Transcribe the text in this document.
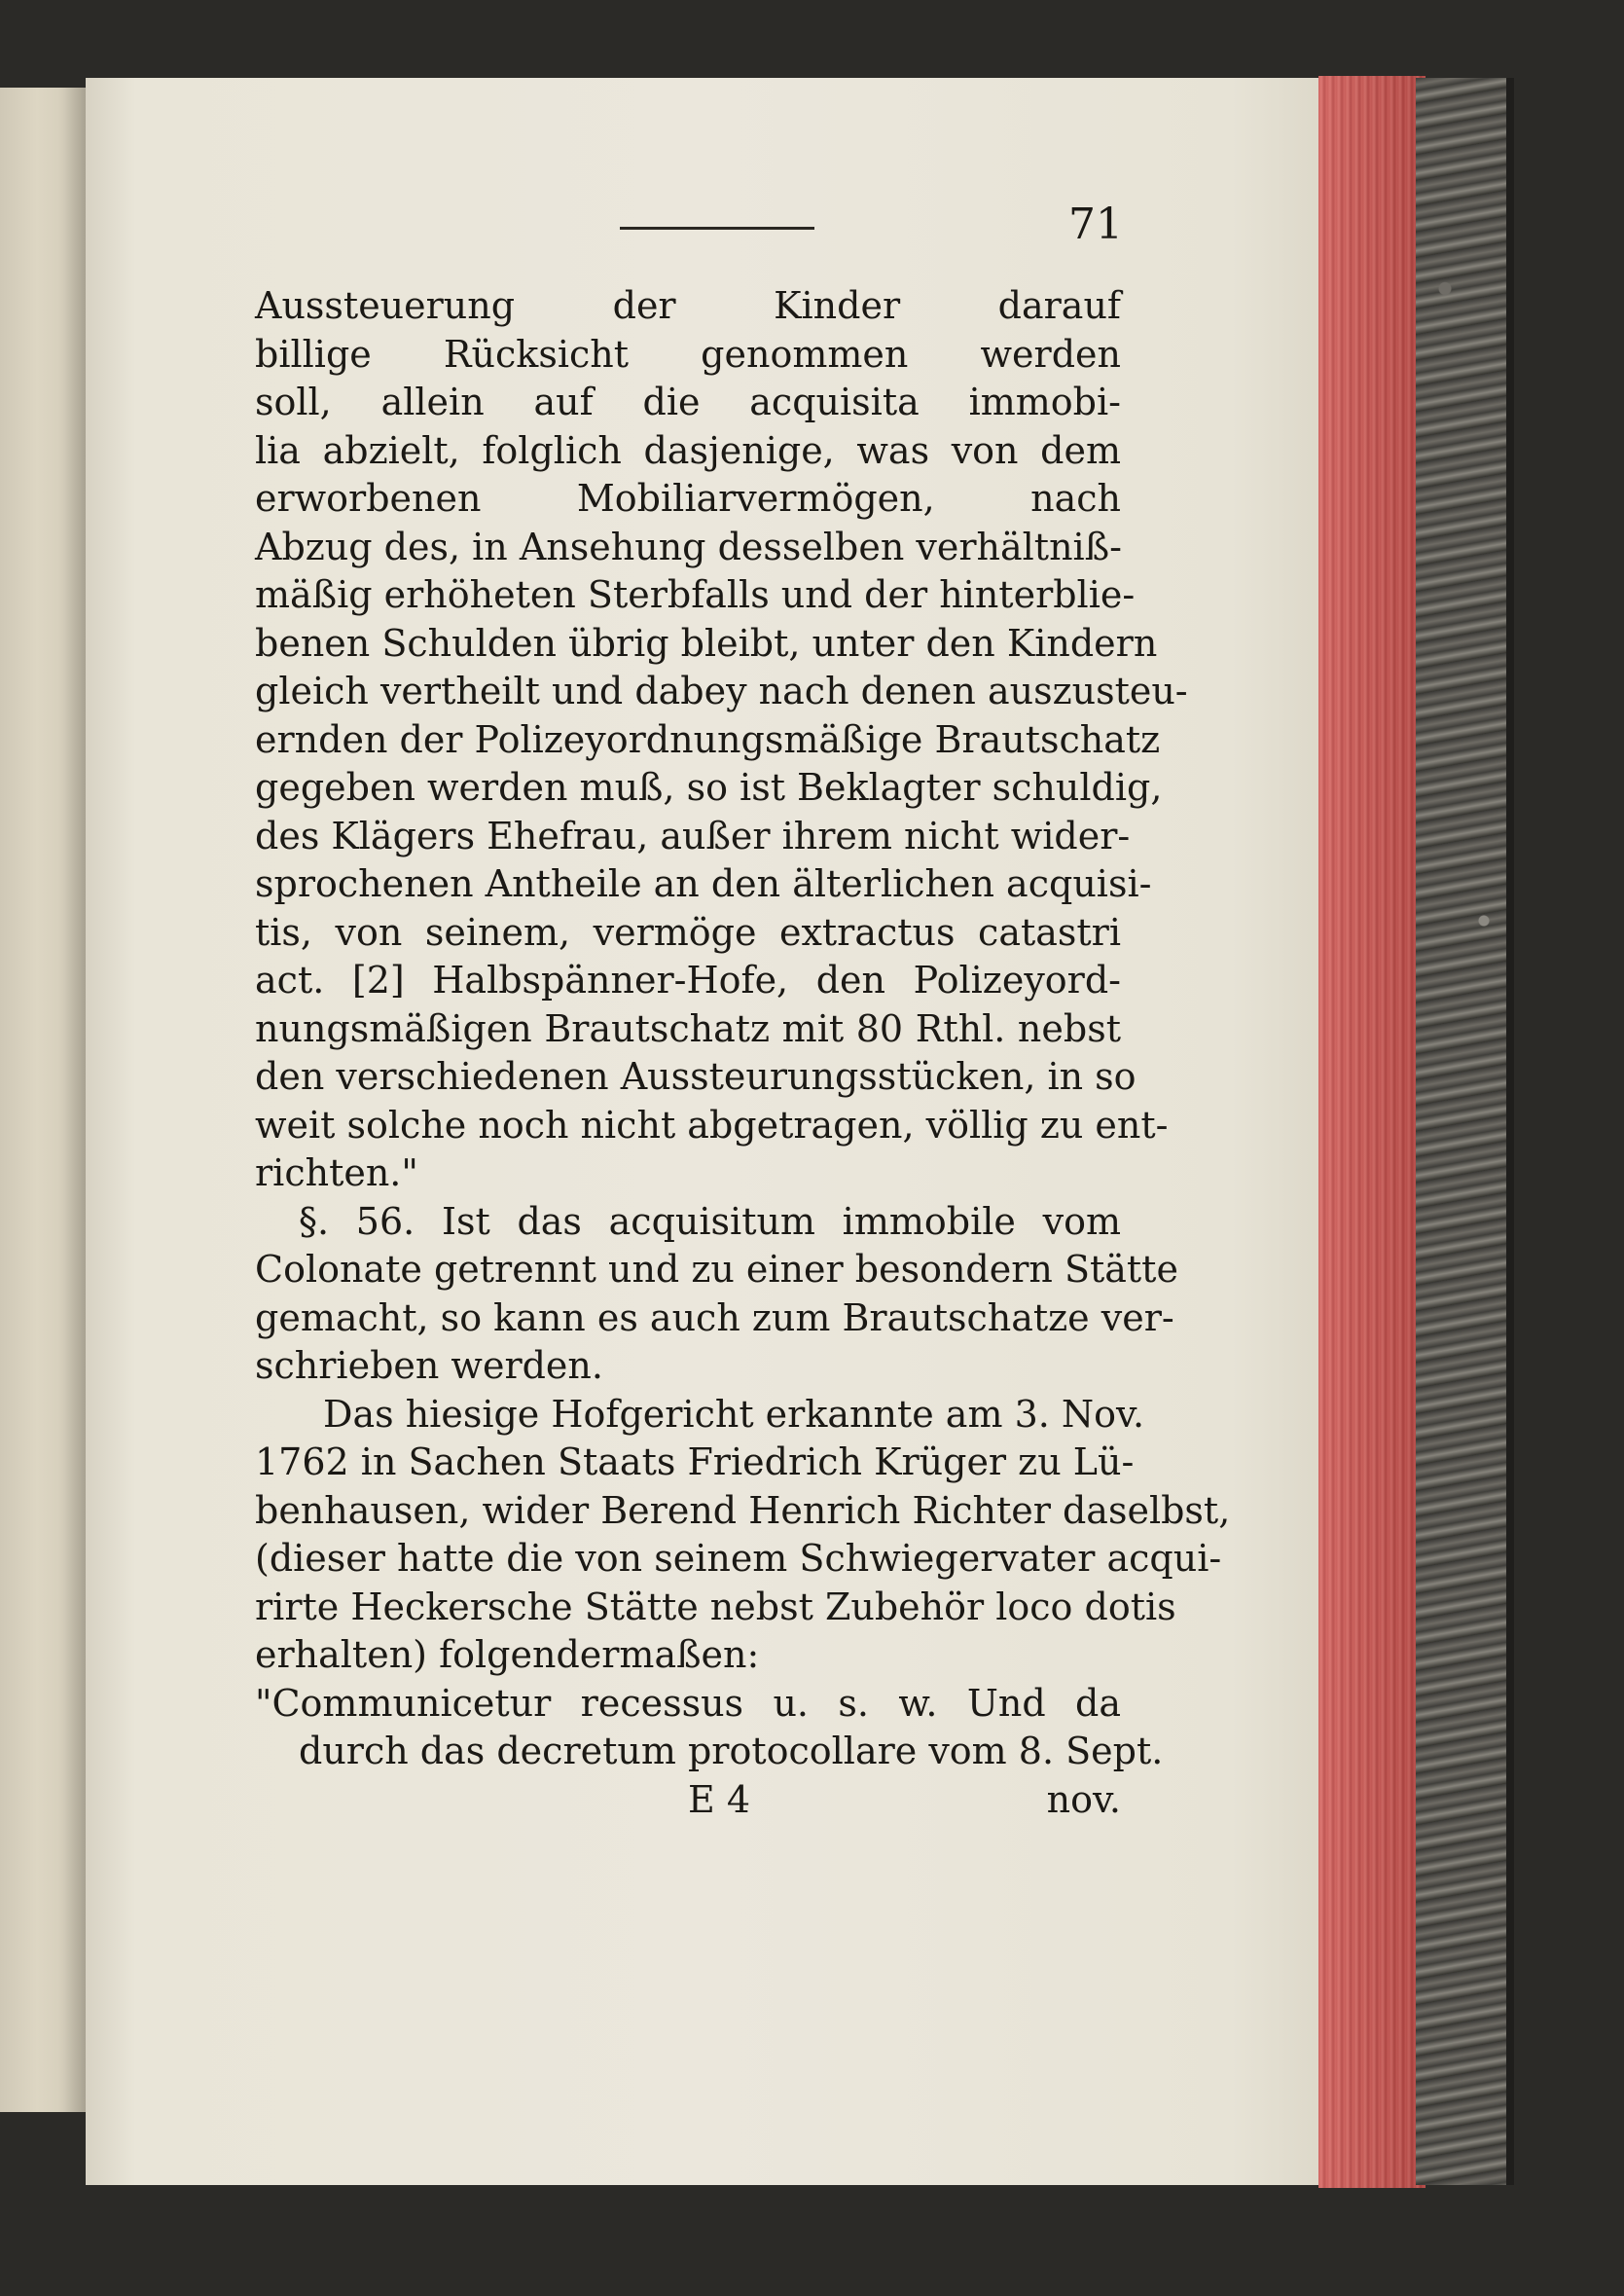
71
Aussteuerung der Kinder darauf
billige Rücksicht genommen werden
soll, allein auf die acquisita immobi-
lia abzielt, folglich dasjenige, was von dem
erworbenen Mobiliarvermögen, nach
Abzug des, in Ansehung desselben verhältniß-
mäßig erhöheten Sterbfalls und der hinterblie-
benen Schulden übrig bleibt, unter den Kindern
gleich vertheilt und dabey nach denen auszusteu-
ernden der Polizeyordnungsmäßige Brautschatz
gegeben werden muß, so ist Beklagter schuldig,
des Klägers Ehefrau, außer ihrem nicht wider-
sprochenen Antheile an den älterlichen acquisi-
tis, von seinem, vermöge extractus catastri
act. [2] Halbspänner-Hofe, den Polizeyord-
nungsmäßigen Brautschatz mit 80 Rthl. nebst
den verschiedenen Aussteurungsstücken, in so
weit solche noch nicht abgetragen, völlig zu ent-
richten."
§. 56. Ist das acquisitum immobile vom
Colonate getrennt und zu einer besondern Stätte
gemacht, so kann es auch zum Brautschatze ver-
schrieben werden.
Das hiesige Hofgericht erkannte am 3. Nov.
1762 in Sachen Staats Friedrich Krüger zu Lü-
benhausen, wider Berend Henrich Richter daselbst,
(dieser hatte die von seinem Schwiegervater acqui-
rirte Heckersche Stätte nebst Zubehör loco dotis
erhalten) folgendermaßen:
"Communicetur recessus u. s. w. Und da
durch das decretum protocollare vom 8. Sept.
E 4	nov.
